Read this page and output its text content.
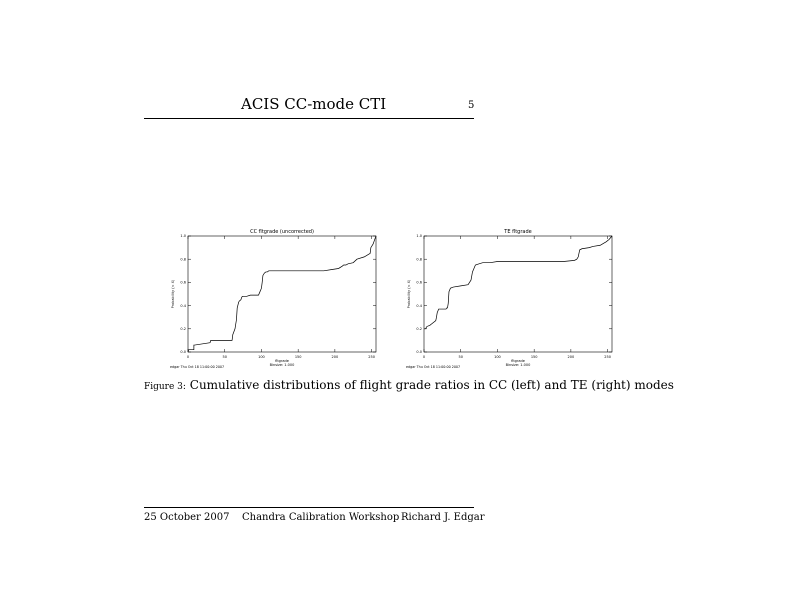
ACIS CC-mode CTI	5
CC fltgrade (uncorrected)
0	50	100	150	200	250
0.0
0.2
0.4
0.6
0.8
1.0
fltgrade
Binsize: 1.000
Probability (< X)
edgar Thu Oct 18 11:00:00 2007
TE fltgrade
0	50	100	150	200	250
0.0
0.2
0.4
0.6
0.8
1.0
fltgrade
Binsize: 1.000
Probability (< X)
edgar Thu Oct 18 11:00:00 2007
Figure 3: Cumulative distributions of flight grade ratios in CC (left) and TE (right) modes
25 October 2007 Chandra Calibration Workshop Richard J. Edgar
